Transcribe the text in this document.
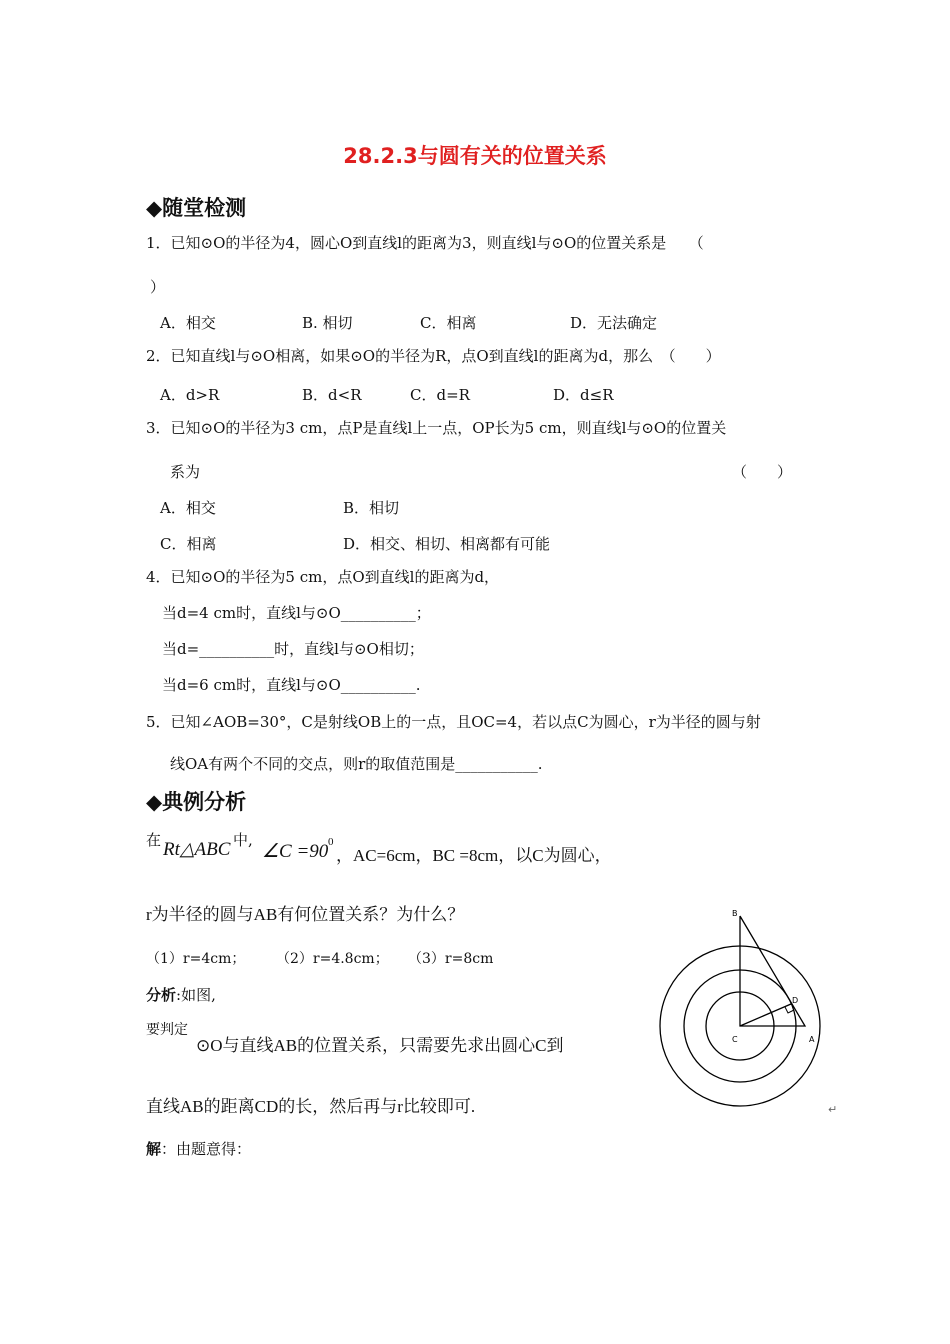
28.2.3与圆有关的位置关系
◆随堂检测
1．已知⊙O的半径为4，圆心O到直线l的距离为3，则直线l与⊙O的位置关系是　　（
）
A．相交	B. 相切	C．相离	D．无法确定
2．已知直线l与⊙O相离，如果⊙O的半径为R，点O到直线l的距离为d，那么　（　　）
A．d>R	B．d<R	C．d=R	D．d≤R
3．已知⊙O的半径为3 cm，点P是直线l上一点，OP长为5 cm，则直线l与⊙O的位置关
系为	（　　）
A．相交	B．相切
C．相离	D．相交、相切、相离都有可能
4．已知⊙O的半径为5 cm，点O到直线l的距离为d，
当d=4 cm时，直线l与⊙O__________；
当d=__________时，直线l与⊙O相切；
当d=6 cm时，直线l与⊙O__________.
5．已知∠AOB=30°，C是射线OB上的一点，且OC=4，若以点C为圆心，r为半径的圆与射
线OA有两个不同的交点，则r的取值范围是___________.
◆典例分析
在 Rt△ABC 中,
∠C =90 0
，AC=6cm，BC =8cm，以C为圆心，
r为半径的圆与AB有何位置关系？为什么？
（1）r=4cm； （2）r=4.8cm； （3）r=8cm
分析:如图,
要判定
⊙O与直线AB的位置关系，只需要先求出圆心C到
直线AB的距离CD的长，然后再与r比较即可.
解：由题意得：
B
D
C	A
↵
